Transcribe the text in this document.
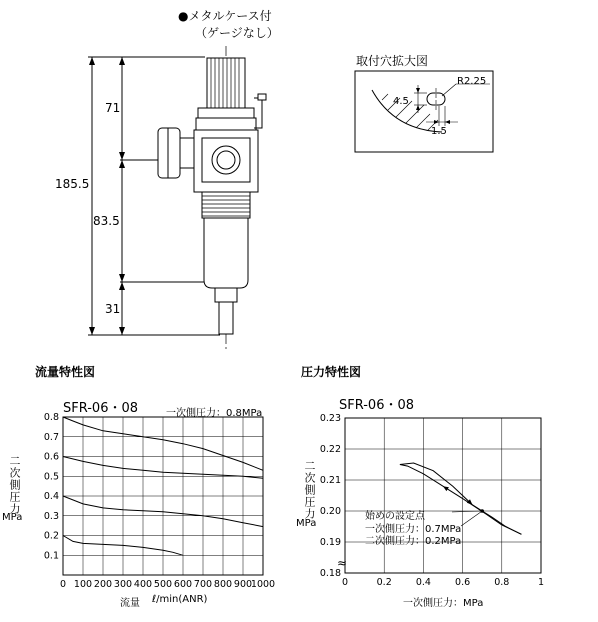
●メタルケース付
（ゲージなし）
71
185.5
83.5
31
取付穴拡大図
R2.25
4.5
1.5
流量特性図
SFR-06・08	一次側圧力：0.8MPa
二次側圧力
MPa
流量 ℓ/min(ANR)
0 100 200 300 400 500 600 700 800 900
1000
0.1
0.2
0.3
0.4
0.5
0.6
0.7
0.8
圧力特性図
SFR-06・08
二次側圧力
MPa
一次側圧力：MPa
≈
始めの設定点
一次側圧力：0.7MPa
二次側圧力：0.2MPa
0	0.2	0.4	0.6	0.8	1
0.18
0.19
0.20
0.21
0.22
0.23
